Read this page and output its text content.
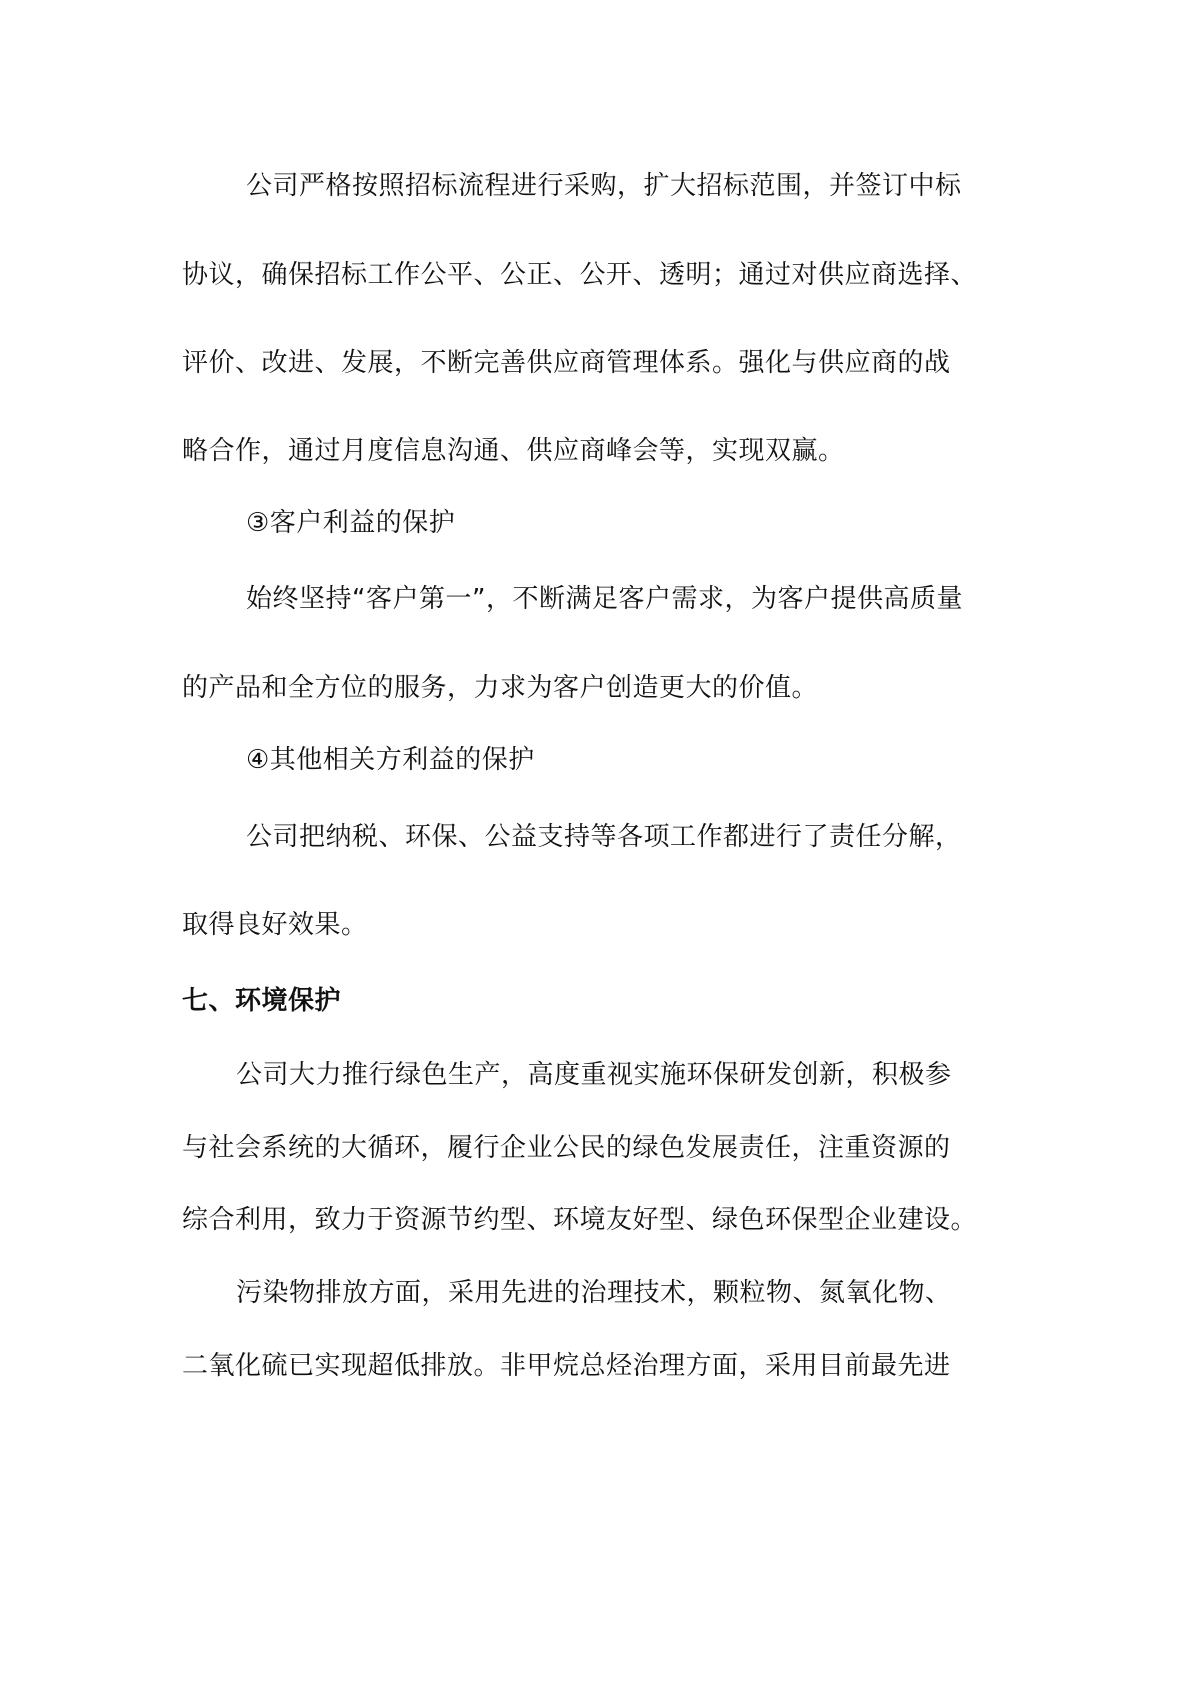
公司严格按照招标流程进行采购，扩大招标范围，并签订中标
协议，确保招标工作公平、公正、公开、透明；通过对供应商选择、
评价、改进、发展，不断完善供应商管理体系。强化与供应商的战
略合作，通过月度信息沟通、供应商峰会等，实现双赢。
③客户利益的保护
始终坚持“客户第一”，不断满足客户需求，为客户提供高质量
的产品和全方位的服务，力求为客户创造更大的价值。
④其他相关方利益的保护
公司把纳税、环保、公益支持等各项工作都进行了责任分解，
取得良好效果。
七、环境保护
公司大力推行绿色生产，高度重视实施环保研发创新，积极参
与社会系统的大循环，履行企业公民的绿色发展责任，注重资源的
综合利用，致力于资源节约型、环境友好型、绿色环保型企业建设。
污染物排放方面，采用先进的治理技术，颗粒物、氮氧化物、
二氧化硫已实现超低排放。非甲烷总烃治理方面，采用目前最先进
